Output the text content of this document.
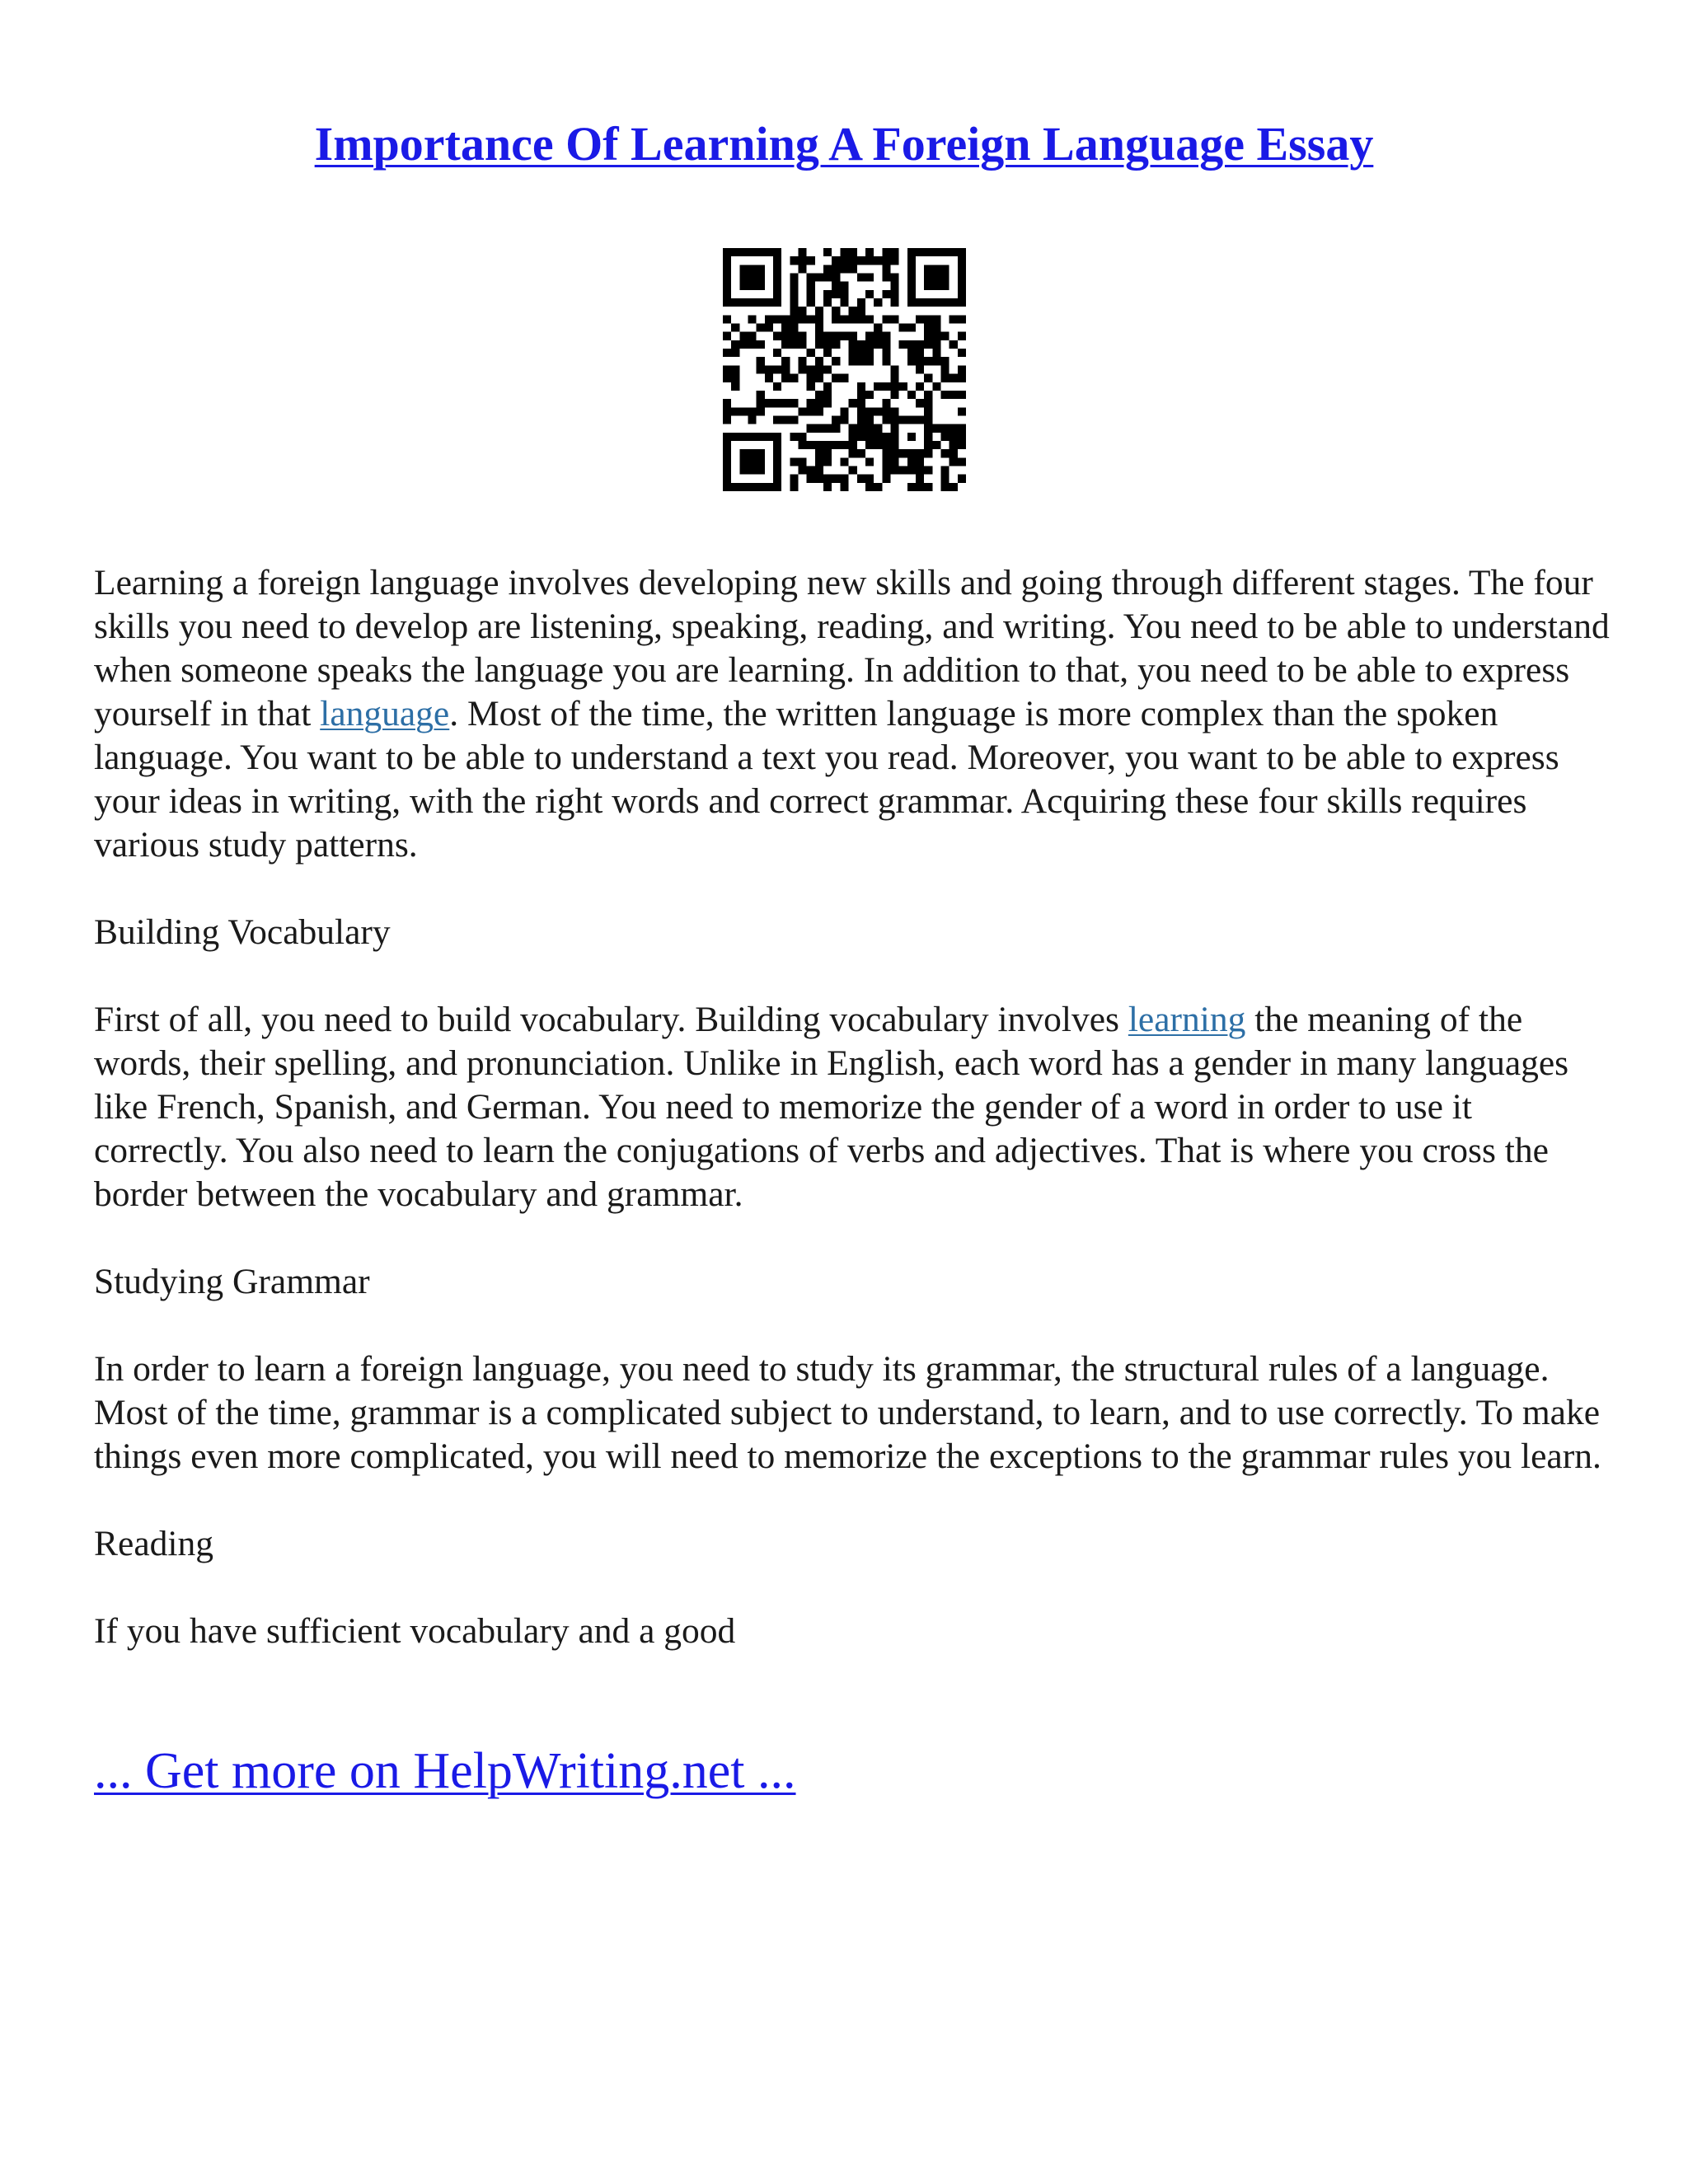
Importance Of Learning A Foreign Language Essay

Learning a foreign language involves developing new skills and going through different stages. The four skills you need to develop are listening, speaking, reading, and writing. You need to be able to understand when someone speaks the language you are learning. In addition to that, you need to be able to express yourself in that language. Most of the time, the written language is more complex than the spoken language. You want to be able to understand a text you read. Moreover, you want to be able to express your ideas in writing, with the right words and correct grammar. Acquiring these four skills requires various study patterns.

Building Vocabulary

First of all, you need to build vocabulary. Building vocabulary involves learning the meaning of the words, their spelling, and pronunciation. Unlike in English, each word has a gender in many languages like French, Spanish, and German. You need to memorize the gender of a word in order to use it correctly. You also need to learn the conjugations of verbs and adjectives. That is where you cross the border between the vocabulary and grammar.

Studying Grammar

In order to learn a foreign language, you need to study its grammar, the structural rules of a language. Most of the time, grammar is a complicated subject to understand, to learn, and to use correctly. To make things even more complicated, you will need to memorize the exceptions to the grammar rules you learn.

Reading

If you have sufficient vocabulary and a good

... Get more on HelpWriting.net ...
